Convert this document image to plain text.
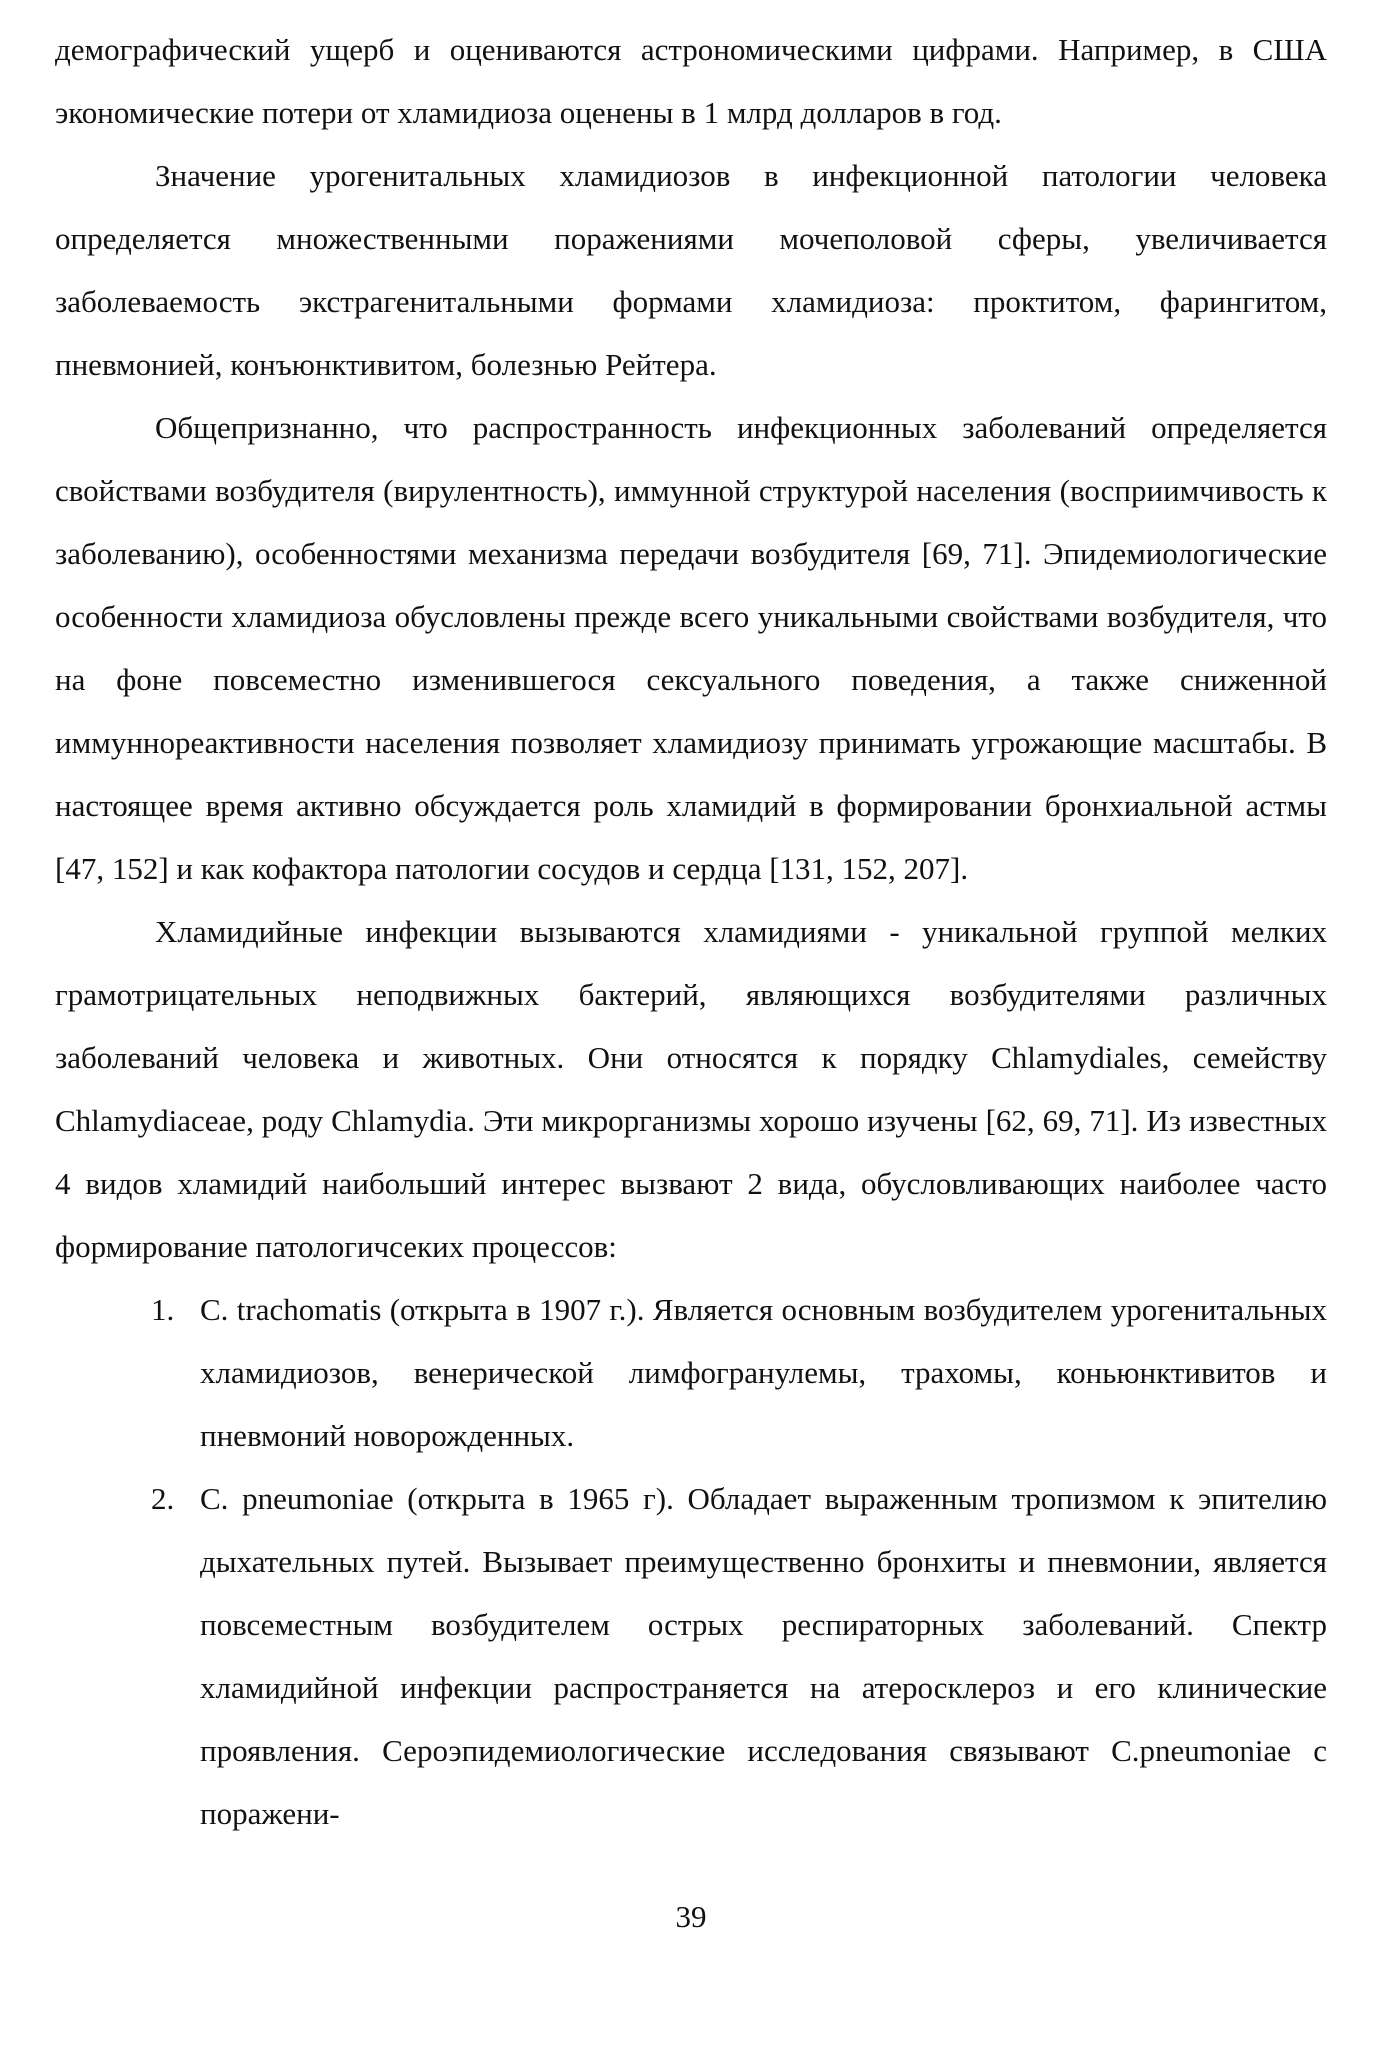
демографический ущерб и оцениваются астрономическими цифрами. Например, в США экономические потери от хламидиоза оценены в 1 млрд долларов в год.

Значение урогенитальных хламидиозов в инфекционной патологии человека определяется множественными поражениями мочеполовой сферы, увеличивается заболеваемость экстрагенитальными формами хламидиоза: проктитом, фарингитом, пневмонией, конъюнктивитом, болезнью Рейтера.

Общепризнанно, что распространность инфекционных заболеваний определяется свойствами возбудителя (вирулентность), иммунной структурой населения (восприимчивость к заболеванию), особенностями механизма передачи возбудителя [69, 71]. Эпидемиологические особенности хламидиоза обусловлены прежде всего уникальными свойствами возбудителя, что на фоне повсеместно изменившегося сексуального поведения, а также сниженной иммуннореактивности населения позволяет хламидиозу принимать угрожающие масштабы. В настоящее время активно обсуждается роль хламидий в формировании бронхиальной астмы [47, 152] и как кофактора патологии сосудов и сердца [131, 152, 207].

Хламидийные инфекции вызываются хламидиями - уникальной группой мелких грамотрицательных неподвижных бактерий, являющихся возбудителями различных заболеваний человека и животных. Они относятся к порядку Chlamydiales, семейству Chlamydiaceae, роду Chlamydia. Эти микрорганизмы хорошо изучены [62, 69, 71]. Из известных 4 видов хламидий наибольший интерес вызвают 2 вида, обусловливающих наиболее часто формирование патологичсеких процессов:

1. C. trachomatis (открыта в 1907 г.). Является основным возбудителем урогенитальных хламидиозов, венерической лимфогранулемы, трахомы, коньюнктивитов и пневмоний новорожденных.
2. C. pneumoniae (открыта в 1965 г). Обладает выраженным тропизмом к эпителию дыхательных путей. Вызывает преимущественно бронхиты и пневмонии, является повсеместным возбудителем острых респираторных заболеваний. Спектр хламидийной инфекции распространяется на атеросклероз и его клинические проявления. Сероэпидемиологические исследования связывают C.pneumoniae с поражени-
39
